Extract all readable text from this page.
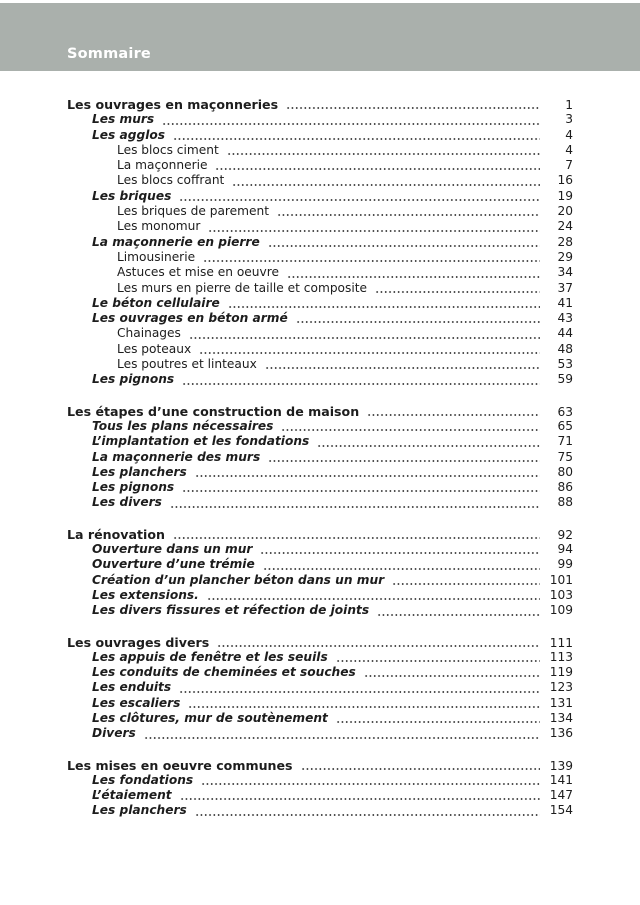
Sommaire
Les ouvrages en maçonneries	1
Les murs	3
Les agglos	4
Les blocs ciment	4
La maçonnerie	7
Les blocs coffrant	16
Les briques	19
Les briques de parement	20
Les monomur	24
La maçonnerie en pierre	28
Limousinerie	29
Astuces et mise en oeuvre	34
Les murs en pierre de taille et composite	37
Le béton cellulaire	41
Les ouvrages en béton armé	43
Chainages	44
Les poteaux	48
Les poutres et linteaux	53
Les pignons	59
Les étapes d’une construction de maison	63
Tous les plans nécessaires	65
L’implantation et les fondations	71
La maçonnerie des murs	75
Les planchers	80
Les pignons	86
Les divers	88
La rénovation	92
Ouverture dans un mur	94
Ouverture d’une trémie	99
Création d’un plancher béton dans un mur	101
Les extensions.	103
Les divers fissures et réfection de joints	109
Les ouvrages divers	111
Les appuis de fenêtre et les seuils	113
Les conduits de cheminées et souches	119
Les enduits	123
Les escaliers	131
Les clôtures, mur de soutènement	134
Divers	136
Les mises en oeuvre communes	139
Les fondations	141
L’étaiement	147
Les planchers	154
